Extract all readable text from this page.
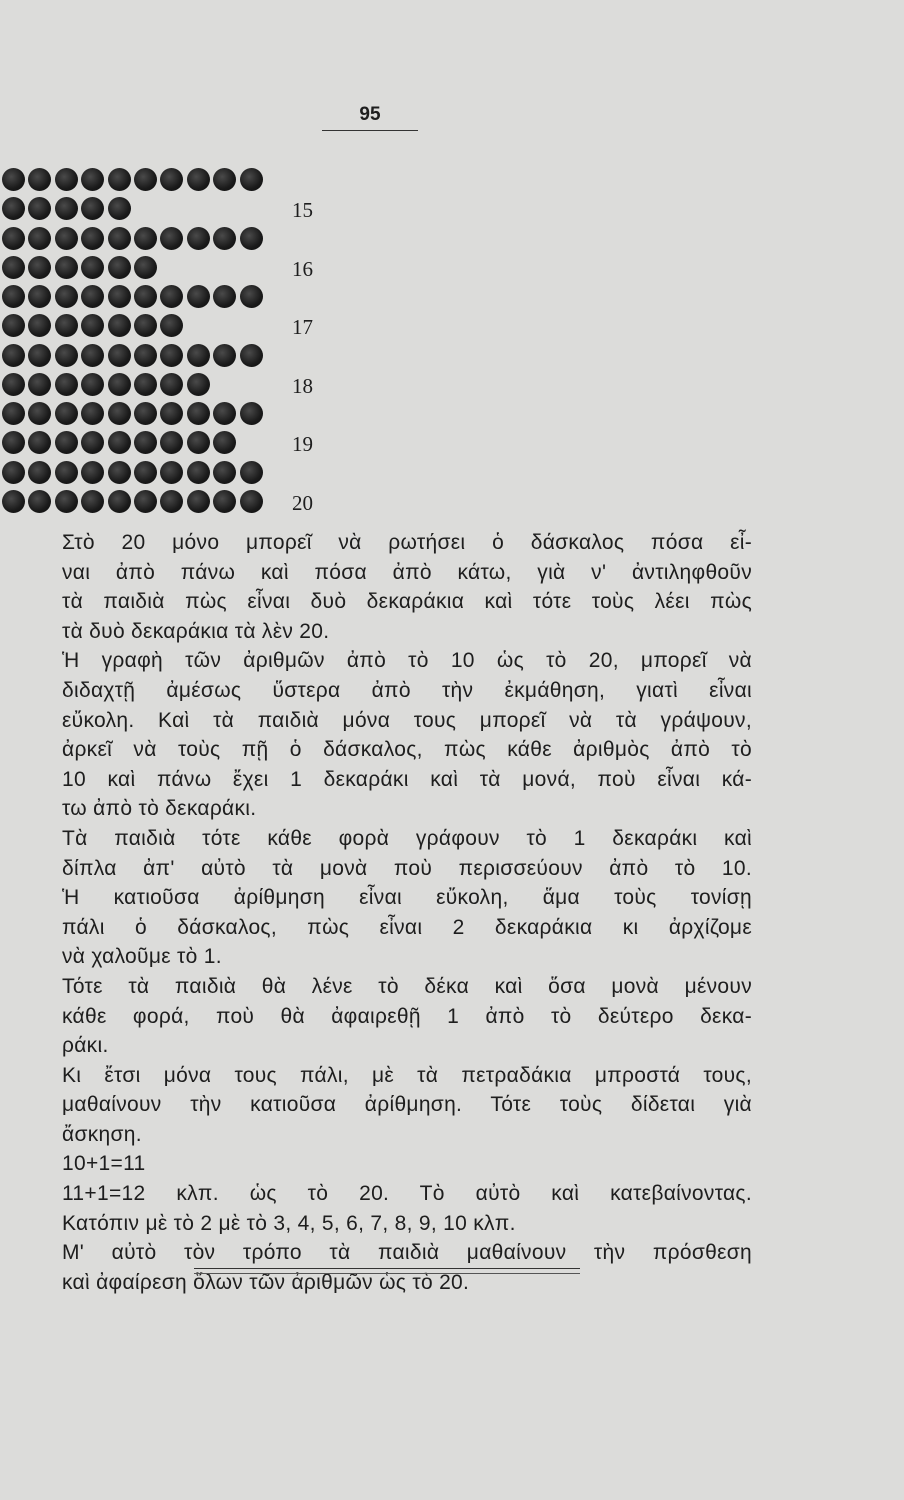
95
15
16
17
18
19
20
Στὸ 20 μόνο μπορεῖ νὰ ρωτήσει ὁ δάσκαλος πόσα εἶ-
ναι ἀπὸ πάνω καὶ πόσα ἀπὸ κάτω, γιὰ ν' ἀντιληφθοῦν
τὰ παιδιὰ πὼς εἶναι δυὸ δεκαράκια καὶ τότε τοὺς λέει πὼς
τὰ δυὸ δεκαράκια τὰ λὲν 20.
Ἡ γραφὴ τῶν ἀριθμῶν ἀπὸ τὸ 10 ὡς τὸ 20, μπορεῖ νὰ
διδαχτῇ ἀμέσως ὕστερα ἀπὸ τὴν ἐκμάθηση, γιατὶ εἶναι
εὔκολη. Καὶ τὰ παιδιὰ μόνα τους μπορεῖ νὰ τὰ γράψουν,
ἀρκεῖ νὰ τοὺς πῇ ὁ δάσκαλος, πὼς κάθε ἀριθμὸς ἀπὸ τὸ
10 καὶ πάνω ἔχει 1 δεκαράκι καὶ τὰ μονά, ποὺ εἶναι κά-
τω ἀπὸ τὸ δεκαράκι.
Τὰ παιδιὰ τότε κάθε φορὰ γράφουν τὸ 1 δεκαράκι καὶ
δίπλα ἀπ' αὐτὸ τὰ μονὰ ποὺ περισσεύουν ἀπὸ τὸ 10.
Ἡ κατιοῦσα ἀρίθμηση εἶναι εὔκολη, ἅμα τοὺς τονίσῃ
πάλι ὁ δάσκαλος, πὼς εἶναι 2 δεκαράκια κι ἀρχίζομε
νὰ χαλοῦμε τὸ 1.
Τότε τὰ παιδιὰ θὰ λένε τὸ δέκα καὶ ὅσα μονὰ μένουν
κάθε φορά, ποὺ θὰ ἀφαιρεθῇ 1 ἀπὸ τὸ δεύτερο δεκα-
ράκι.
Κι ἔτσι μόνα τους πάλι, μὲ τὰ πετραδάκια μπροστά τους,
μαθαίνουν τὴν κατιοῦσα ἀρίθμηση. Τότε τοὺς δίδεται γιὰ
ἄσκηση.
10+1=11
11+1=12 κλπ. ὡς τὸ 20. Τὸ αὐτὸ καὶ κατεβαίνοντας.
Κατόπιν μὲ τὸ 2 μὲ τὸ 3, 4, 5, 6, 7, 8, 9, 10 κλπ.
Μ' αὐτὸ τὸν τρόπο τὰ παιδιὰ μαθαίνουν τὴν πρόσθεση
καὶ ἀφαίρεση ὅλων τῶν ἀριθμῶν ὡς τὸ 20.
